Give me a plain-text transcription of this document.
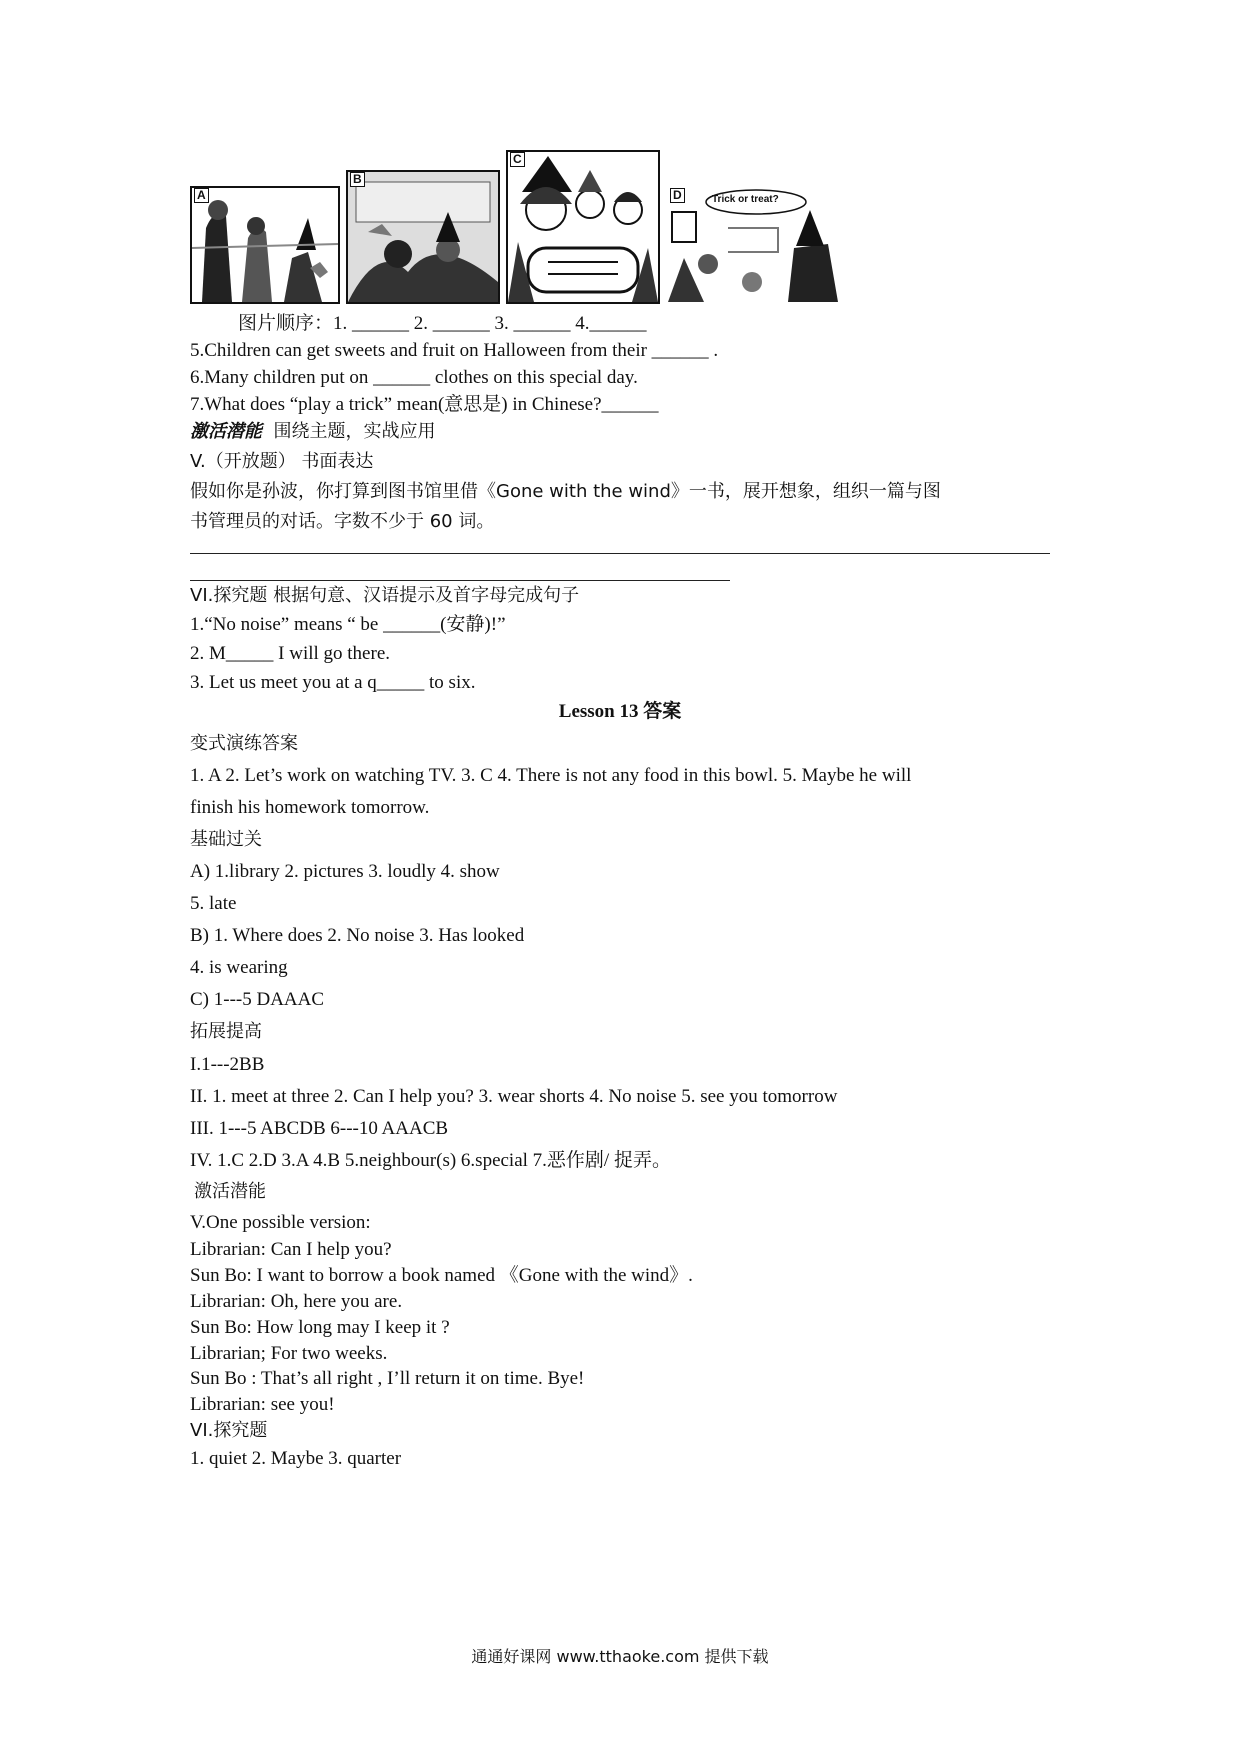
A
B
C
D	Trick or treat?
图片顺序：1. ______ 2. ______ 3. ______ 4.______
5.Children can get sweets and fruit on Halloween from their ______ .
6.Many children put on ______ clothes on this special day.
7.What does “play a trick” mean(意思是) in Chinese?______
激活潜能 围绕主题，实战应用
V.（开放题） 书面表达
假如你是孙波，你打算到图书馆里借《Gone with the wind》一书，展开想象，组织一篇与图
书管理员的对话。字数不少于 60 词。
VI.探究题 根据句意、汉语提示及首字母完成句子
1.“No noise” means “ be ______(安静)!”
2. M_____ I will go there.
3. Let us meet you at a q_____ to six.
Lesson 13 答案
变式演练答案
1. A 2. Let’s work on watching TV. 3. C 4. There is not any food in this bowl. 5. Maybe he will
finish his homework tomorrow.
基础过关
A) 1.library 2. pictures 3. loudly 4. show
5. late
B) 1. Where does 2. No noise 3. Has looked
4. is wearing
C) 1---5 DAAAC
拓展提高
I.1---2BB
II. 1. meet at three 2. Can I help you? 3. wear shorts 4. No noise 5. see you tomorrow
III. 1---5 ABCDB 6---10 AAACB
IV. 1.C 2.D 3.A 4.B 5.neighbour(s) 6.special 7.恶作剧/ 捉弄。
激活潜能
V.One possible version:
Librarian: Can I help you?
Sun Bo: I want to borrow a book named 《Gone with the wind》.
Librarian: Oh, here you are.
Sun Bo: How long may I keep it ?
Librarian; For two weeks.
Sun Bo : That’s all right , I’ll return it on time. Bye!
Librarian: see you!
VI.探究题
1. quiet 2. Maybe 3. quarter
通通好课网 www.tthaoke.com 提供下载
